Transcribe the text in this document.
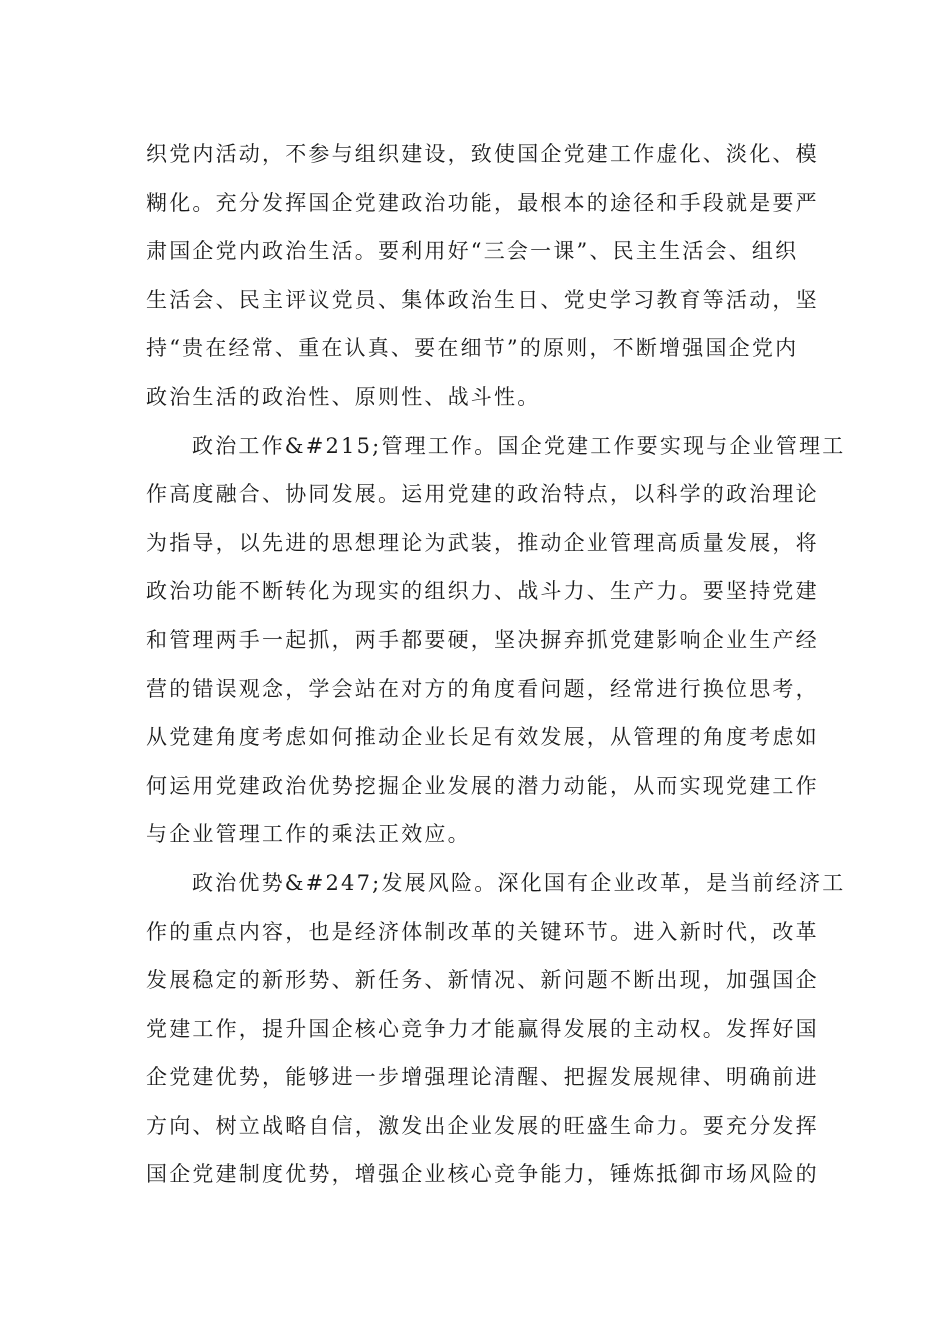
织党内活动，不参与组织建设，致使国企党建工作虚化、淡化、模
糊化。充分发挥国企党建政治功能，最根本的途径和手段就是要严
肃国企党内政治生活。要利用好“三会一课”、民主生活会、组织
生活会、民主评议党员、集体政治生日、党史学习教育等活动，坚
持“贵在经常、重在认真、要在细节”的原则，不断增强国企党内
政治生活的政治性、原则性、战斗性。
政治工作&#215;管理工作。国企党建工作要实现与企业管理工
作高度融合、协同发展。运用党建的政治特点，以科学的政治理论
为指导，以先进的思想理论为武装，推动企业管理高质量发展，将
政治功能不断转化为现实的组织力、战斗力、生产力。要坚持党建
和管理两手一起抓，两手都要硬，坚决摒弃抓党建影响企业生产经
营的错误观念，学会站在对方的角度看问题，经常进行换位思考，
从党建角度考虑如何推动企业长足有效发展，从管理的角度考虑如
何运用党建政治优势挖掘企业发展的潜力动能，从而实现党建工作
与企业管理工作的乘法正效应。
政治优势&#247;发展风险。深化国有企业改革，是当前经济工
作的重点内容，也是经济体制改革的关键环节。进入新时代，改革
发展稳定的新形势、新任务、新情况、新问题不断出现，加强国企
党建工作，提升国企核心竞争力才能赢得发展的主动权。发挥好国
企党建优势，能够进一步增强理论清醒、把握发展规律、明确前进
方向、树立战略自信，激发出企业发展的旺盛生命力。要充分发挥
国企党建制度优势，增强企业核心竞争能力，锤炼抵御市场风险的
